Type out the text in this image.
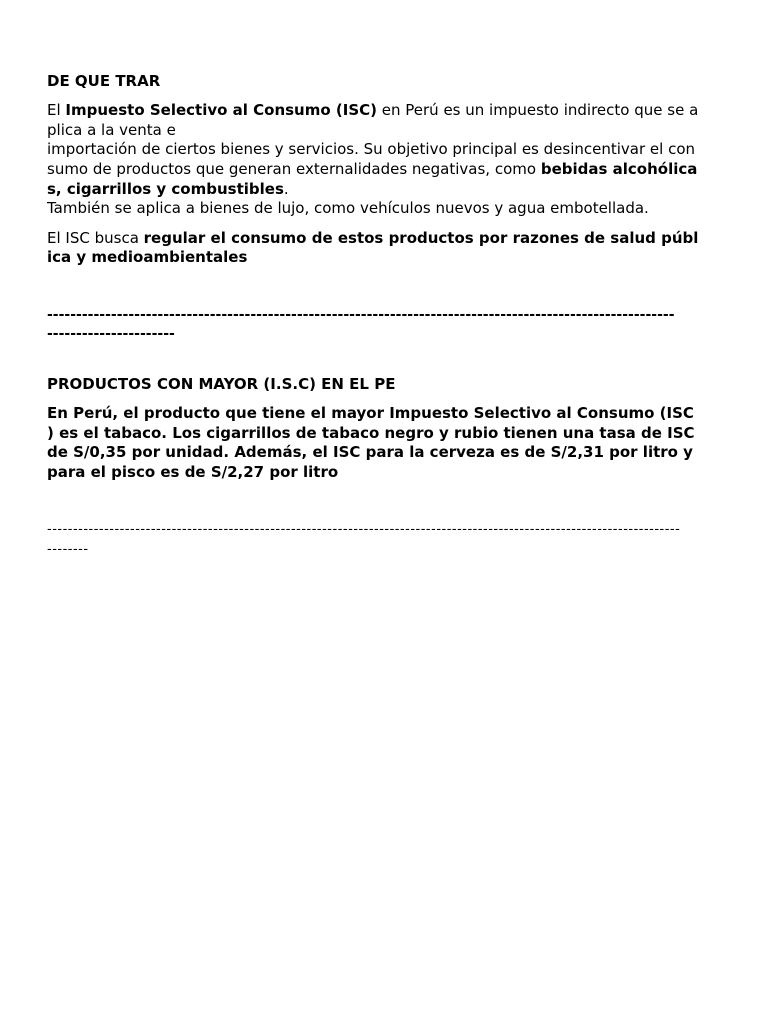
DE QUE TRAR
El Impuesto Selectivo al Consumo (ISC) en Perú es un impuesto indirecto que se a
plica a la venta e
importación de ciertos bienes y servicios. Su objetivo principal es desincentivar el con
sumo de productos que generan externalidades negativas, como bebidas alcohólica
s, cigarrillos y combustibles.
También se aplica a bienes de lujo, como vehículos nuevos y agua embotellada.
El ISC busca regular el consumo de estos productos por razones de salud públ
ica y medioambientales
------------------------------------------------------------------------------------------------------------
----------------------
PRODUCTOS CON MAYOR (I.S.C) EN EL PE
En Perú, el producto que tiene el mayor Impuesto Selectivo al Consumo (ISC
) es el tabaco. Los cigarrillos de tabaco negro y rubio tienen una tasa de ISC
de S/0,35 por unidad. Además, el ISC para la cerveza es de S/2,31 por litro y
para el pisco es de S/2,27 por litro
--------------------------------------------------------------------------------------------------------------------------
--------
